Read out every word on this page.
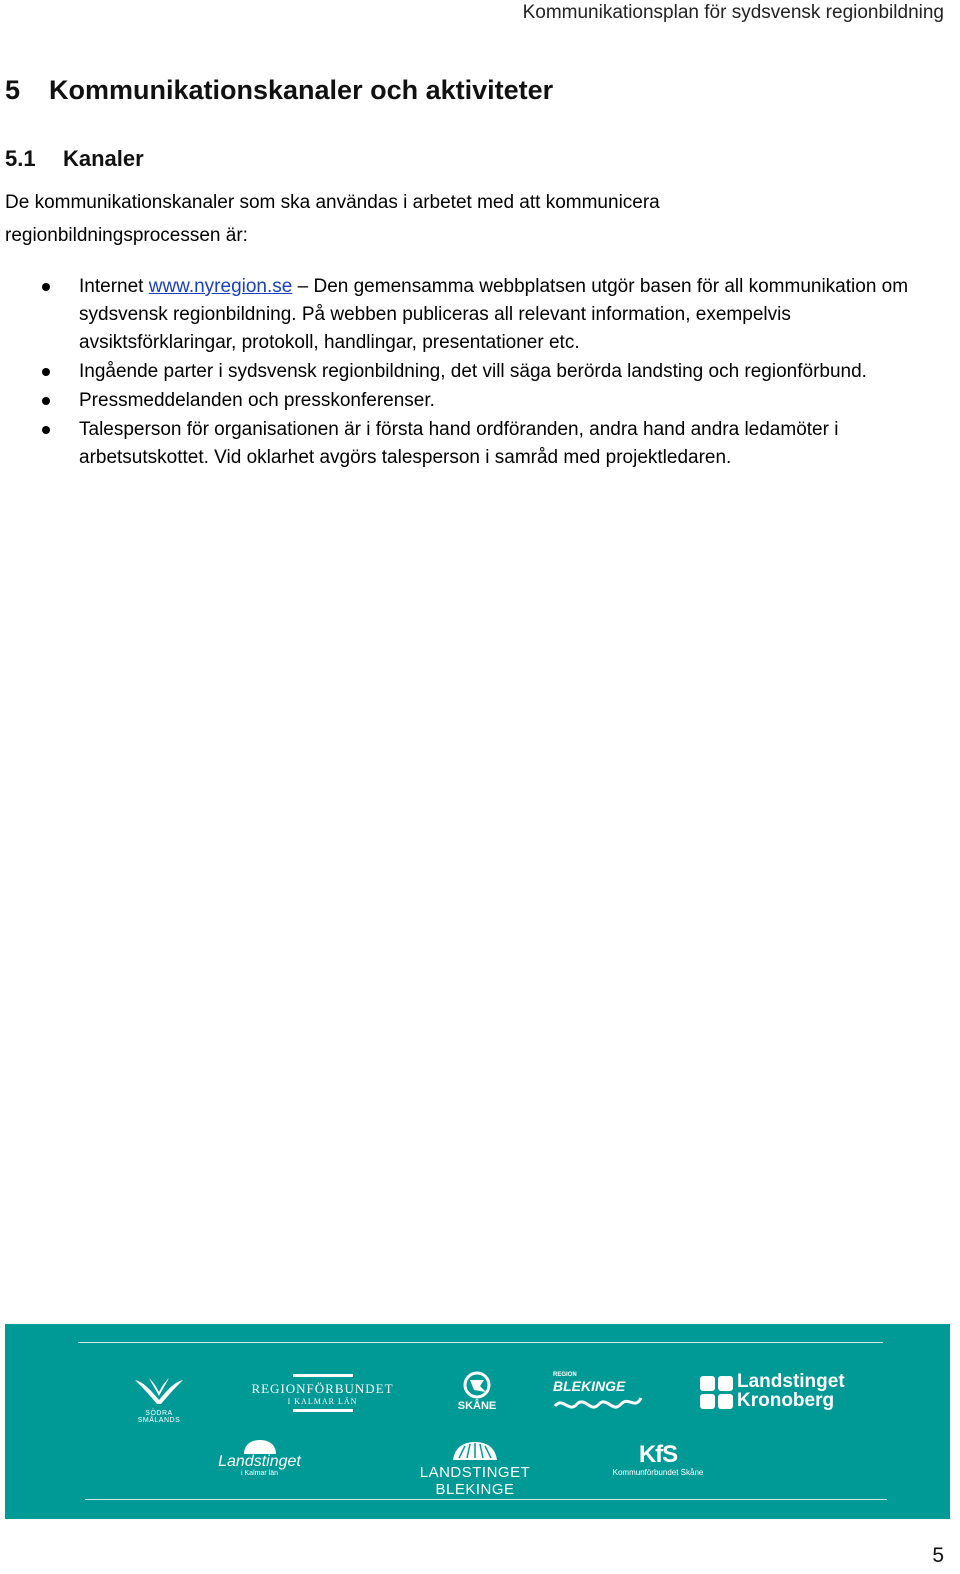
Kommunikationsplan för sydsvensk regionbildning
5 Kommunikationskanaler och aktiviteter
5.1 Kanaler

De kommunikationskanaler som ska användas i arbetet med att kommunicera regionbildningsprocessen är:

Internet www.nyregion.se – Den gemensamma webbplatsen utgör basen för all kommunikation om sydsvensk regionbildning. På webben publiceras all relevant information, exempelvis avsiktsförklaringar, protokoll, handlingar, presentationer etc.
Ingående parter i sydsvensk regionbildning, det vill säga berörda landsting och regionförbund.
Pressmeddelanden och presskonferenser.
Talesperson för organisationen är i första hand ordföranden, andra hand andra ledamöter i arbetsutskottet. Vid oklarhet avgörs talesperson i samråd med projektledaren.
SÖDRA SMÅLANDS
REGIONFÖRBUNDET
I KALMAR LÄN	SKÅNE
REGION
BLEKINGE	Landstinget
Kronoberg
Landstinget
i Kalmar län	LANDSTINGET BLEKINGE
KfS
Kommunförbundet Skåne
5
